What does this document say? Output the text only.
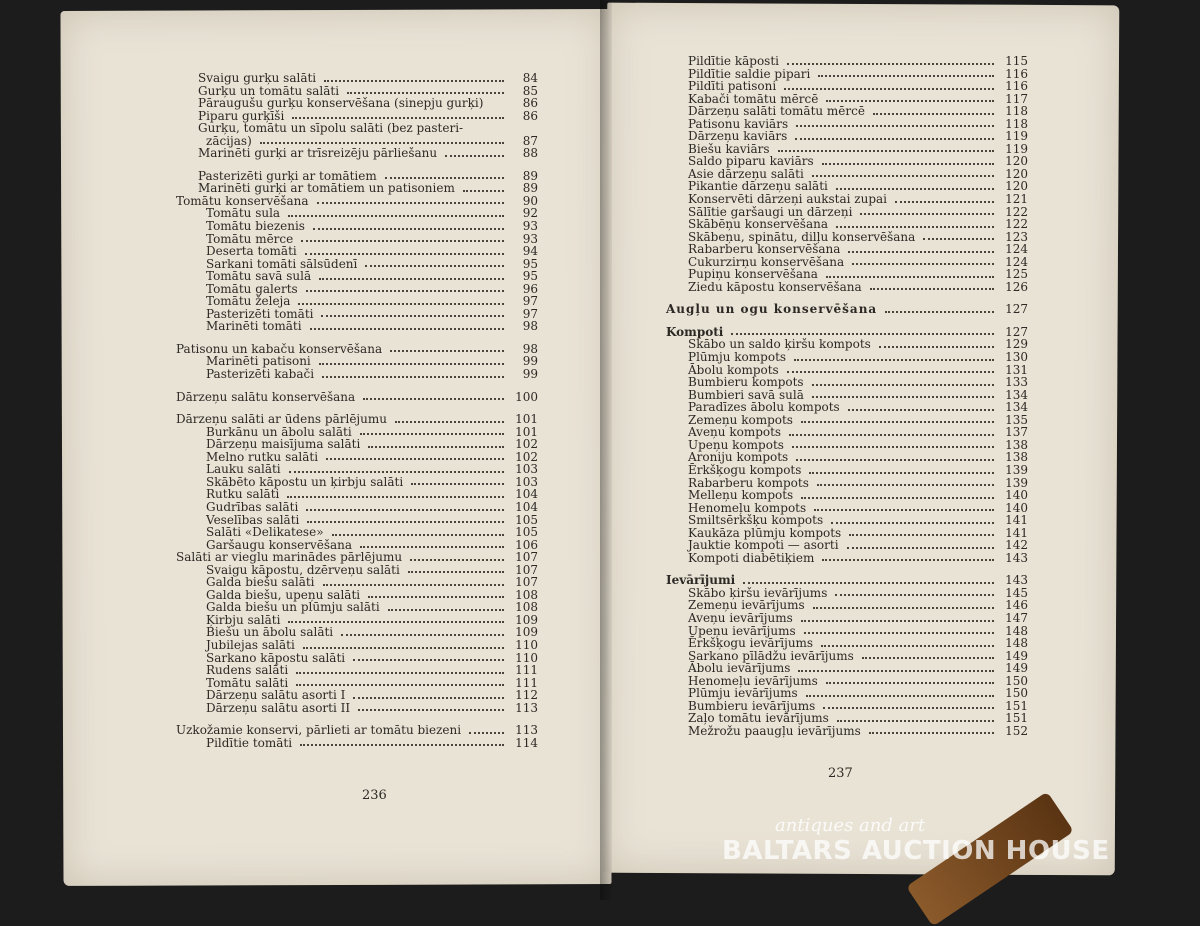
Svaigu gurķu salāti	84
Gurķu un tomātu salāti	85
Pāraugušu gurķu konservēšana (sinepju gurķi)	86
Piparu gurķīši	86
Gurķu, tomātu un sīpolu salāti (bez pasteri-
zācijas)	87
Marinēti gurķi ar trīsreizēju pārliešanu	88
Pasterizēti gurķi ar tomātiem	89
Marinēti gurķi ar tomātiem un patisoniem	89
Tomātu konservēšana	90
Tomātu sula	92
Tomātu biezenis	93
Tomātu mērce	93
Deserta tomāti	94
Sarkani tomāti sālsūdenī	95
Tomātu savā sulā	95
Tomātu galerts	96
Tomātu želeja	97
Pasterizēti tomāti	97
Marinēti tomāti	98
Patisonu un kabaču konservēšana	98
Marinēti patisoni	99
Pasterizēti kabači	99
Dārzeņu salātu konservēšana	100
Dārzeņu salāti ar ūdens pārlējumu	101
Burkānu un ābolu salāti	101
Dārzeņu maisījuma salāti	102
Melno rutku salāti	102
Lauku salāti	103
Skābēto kāpostu un ķirbju salāti	103
Rutku salāti	104
Gudrības salāti	104
Veselības salāti	105
Salāti «Delikatese»	105
Garšaugu konservēšana	106
Salāti ar vieglu marinādes pārlējumu	107
Svaigu kāpostu, dzērveņu salāti	107
Galda biešu salāti	107
Galda biešu, upeņu salāti	108
Galda biešu un plūmju salāti	108
Ķirbju salāti	109
Biešu un ābolu salāti	109
Jubilejas salāti	110
Sarkano kāpostu salāti	110
Rudens salāti	111
Tomātu salāti	111
Dārzeņu salātu asorti I	112
Dārzeņu salātu asorti II	113
Uzkožamie konservi, pārlieti ar tomātu biezeni	113
Pildītie tomāti	114
Pildītie kāposti	115
Pildītie saldie pipari	116
Pildīti patisoni	116
Kabači tomātu mērcē	117
Dārzeņu salāti tomātu mērcē	118
Patisonu kaviārs	118
Dārzeņu kaviārs	119
Biešu kaviārs	119
Saldo piparu kaviārs	120
Asie dārzeņu salāti	120
Pikantie dārzeņu salāti	120
Konservēti dārzeņi aukstai zupai	121
Sālītie garšaugi un dārzeņi	122
Skābēņu konservēšana	122
Skābeņu, spinātu, dilļu konservēšana	123
Rabarberu konservēšana	124
Cukurzirņu konservēšana	124
Pupiņu konservēšana	125
Ziedu kāpostu konservēšana	126
Augļu un ogu konservēšana	127
Kompoti	127
Skābo un saldo ķiršu kompots	129
Plūmju kompots	130
Ābolu kompots	131
Bumbieru kompots	133
Bumbieri savā sulā	134
Paradīzes ābolu kompots	134
Zemeņu kompots	135
Aveņu kompots	137
Upeņu kompots	138
Aroniju kompots	138
Ērkšķogu kompots	139
Rabarberu kompots	139
Melleņu kompots	140
Henomeļu kompots	140
Smiltsērkšķu kompots	141
Kaukāza plūmju kompots	141
Jauktie kompoti — asorti	142
Kompoti diabētiķiem	143
Ievārījumi	143
Skābo ķiršu ievārījums	145
Zemeņu ievārījums	146
Aveņu ievārījums	147
Upeņu ievārījums	148
Ērkšķogu ievārījums	148
Sarkano pīlādžu ievārījums	149
Ābolu ievārījums	149
Henomeļu ievārījums	150
Plūmju ievārījums	150
Bumbieru ievārījums	151
Zaļo tomātu ievārījums	151
Mežrožu paaugļu ievārījums	152
236
237
antiques and art
BALTARS AUCTION HOUSE
